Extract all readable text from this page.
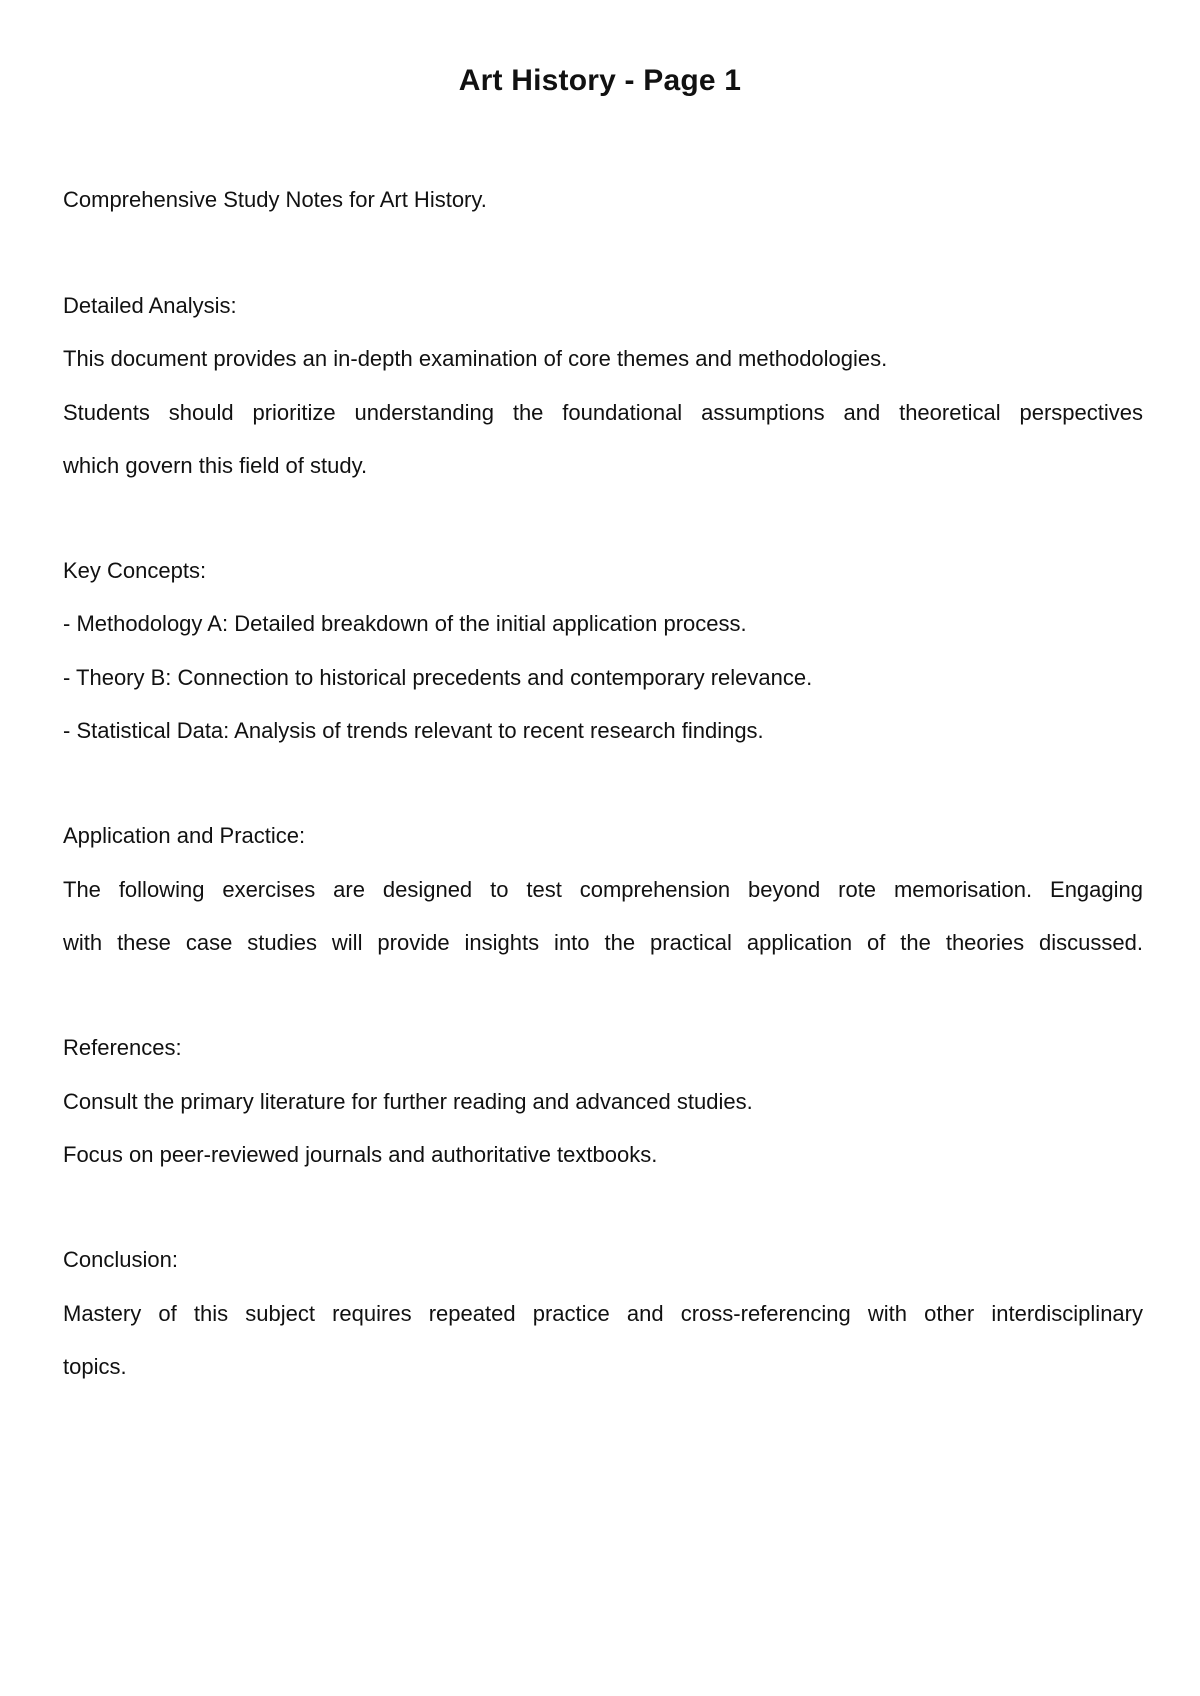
Art History - Page 1
Comprehensive Study Notes for Art History.
Detailed Analysis:
This document provides an in-depth examination of core themes and methodologies.
Students should prioritize understanding the foundational assumptions and theoretical perspectives
which govern this field of study.
Key Concepts:
- Methodology A: Detailed breakdown of the initial application process.
- Theory B: Connection to historical precedents and contemporary relevance.
- Statistical Data: Analysis of trends relevant to recent research findings.
Application and Practice:
The following exercises are designed to test comprehension beyond rote memorisation. Engaging
with these case studies will provide insights into the practical application of the theories discussed.
References:
Consult the primary literature for further reading and advanced studies.
Focus on peer-reviewed journals and authoritative textbooks.
Conclusion:
Mastery of this subject requires repeated practice and cross-referencing with other interdisciplinary
topics.
